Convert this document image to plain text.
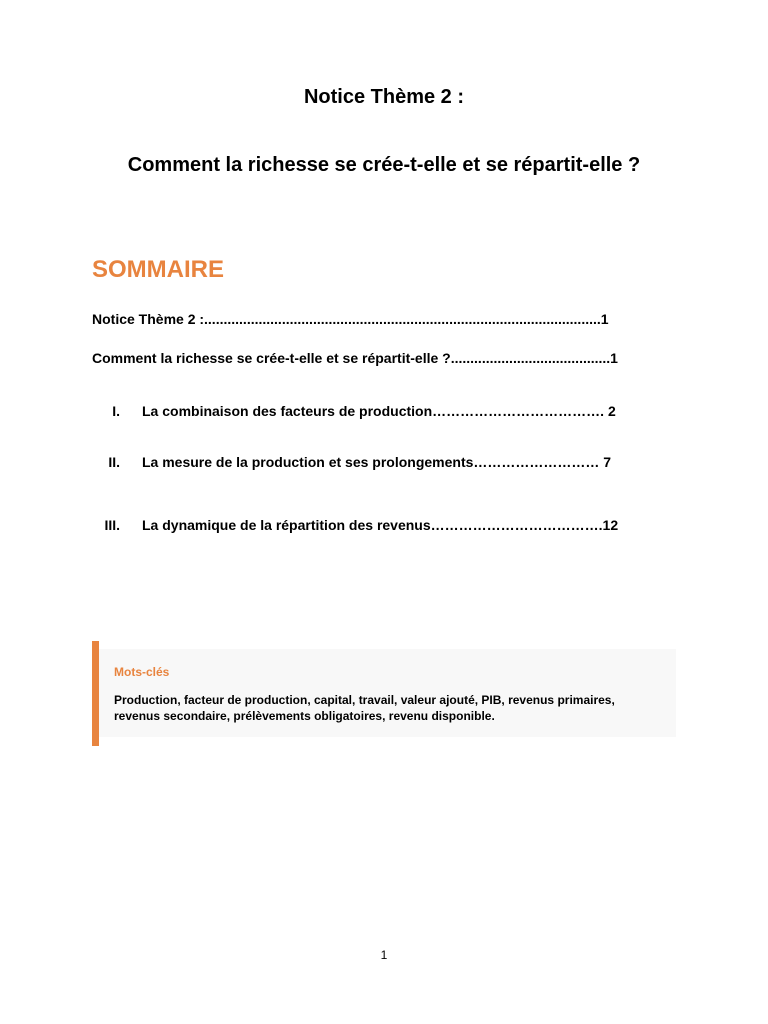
Notice Thème 2 :
Comment la richesse se crée-t-elle et se répartit-elle ?
SOMMAIRE
Notice Thème 2 :......................................................................................................1
Comment la richesse se crée-t-elle et se répartit-elle ?.........................................1
I. La combinaison des facteurs de production………………………………. 2
II. La mesure de la production et ses prolongements……………………… 7
III. La dynamique de la répartition des revenus……………………………….12
Mots-clés
Production, facteur de production, capital, travail, valeur ajouté, PIB, revenus primaires, revenus secondaire, prélèvements obligatoires, revenu disponible.
1
